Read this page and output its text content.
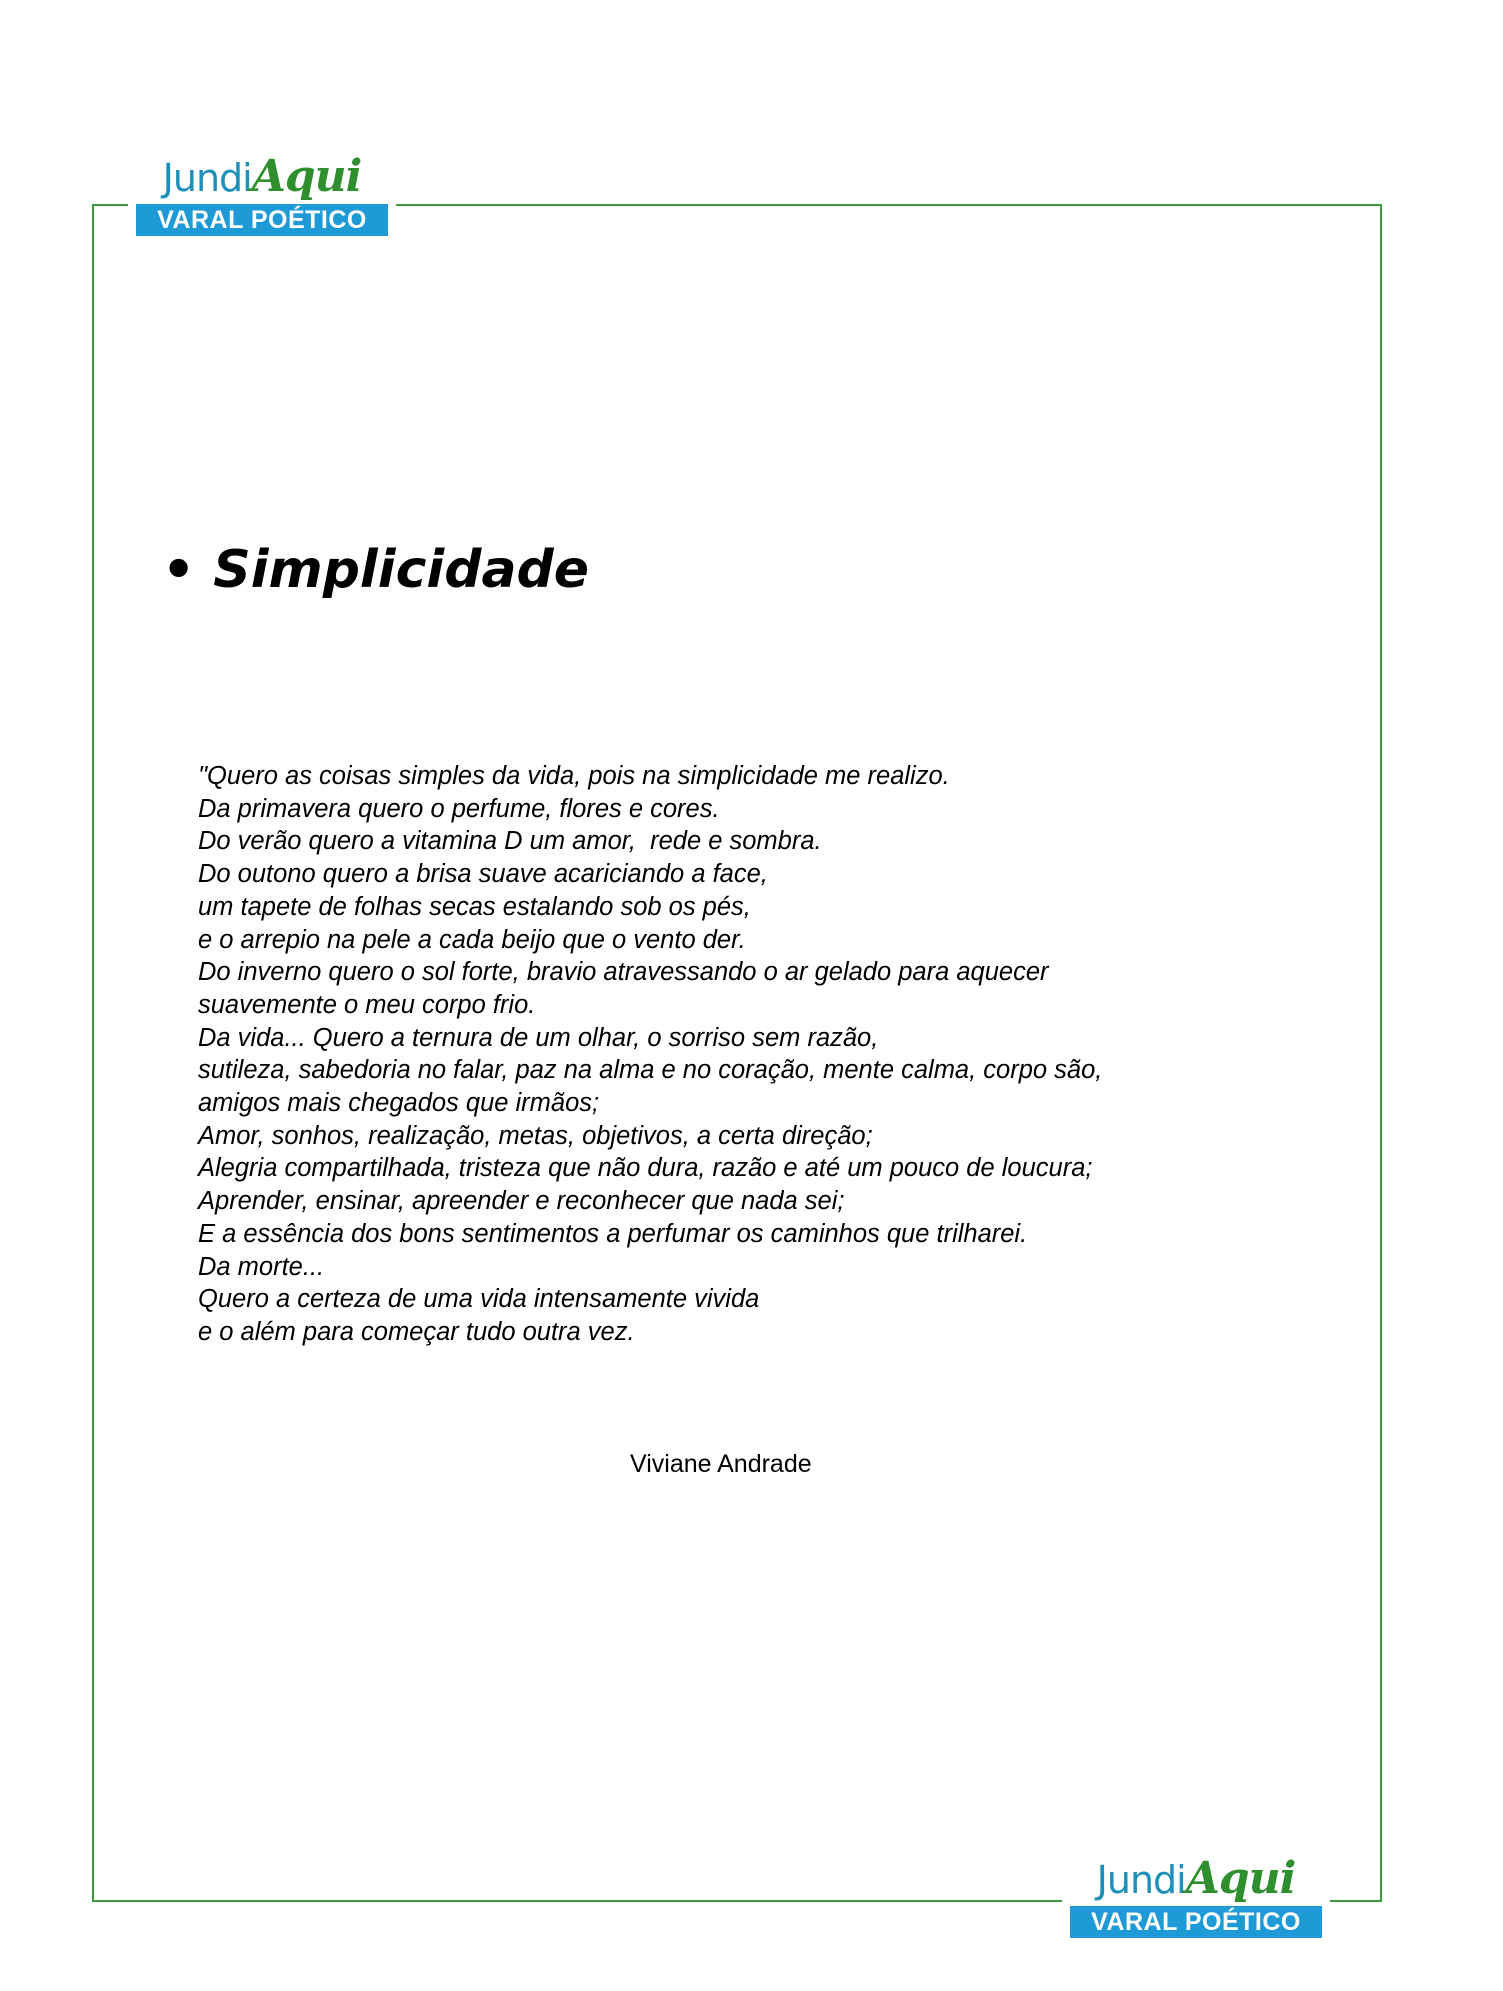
JundiAqui
VARAL POÉTICO
• Simplicidade
"Quero as coisas simples da vida, pois na simplicidade me realizo.
Da primavera quero o perfume, flores e cores.
Do verão quero a vitamina D um amor,  rede e sombra.
Do outono quero a brisa suave acariciando a face,
um tapete de folhas secas estalando sob os pés,
e o arrepio na pele a cada beijo que o vento der.
Do inverno quero o sol forte, bravio atravessando o ar gelado para aquecer
suavemente o meu corpo frio.
Da vida... Quero a ternura de um olhar, o sorriso sem razão,
sutileza, sabedoria no falar, paz na alma e no coração, mente calma, corpo são,
amigos mais chegados que irmãos;
Amor, sonhos, realização, metas, objetivos, a certa direção;
Alegria compartilhada, tristeza que não dura, razão e até um pouco de loucura;
Aprender, ensinar, apreender e reconhecer que nada sei;
E a essência dos bons sentimentos a perfumar os caminhos que trilharei.
Da morte...
Quero a certeza de uma vida intensamente vivida
e o além para começar tudo outra vez.
Viviane Andrade
JundiAqui
VARAL POÉTICO
